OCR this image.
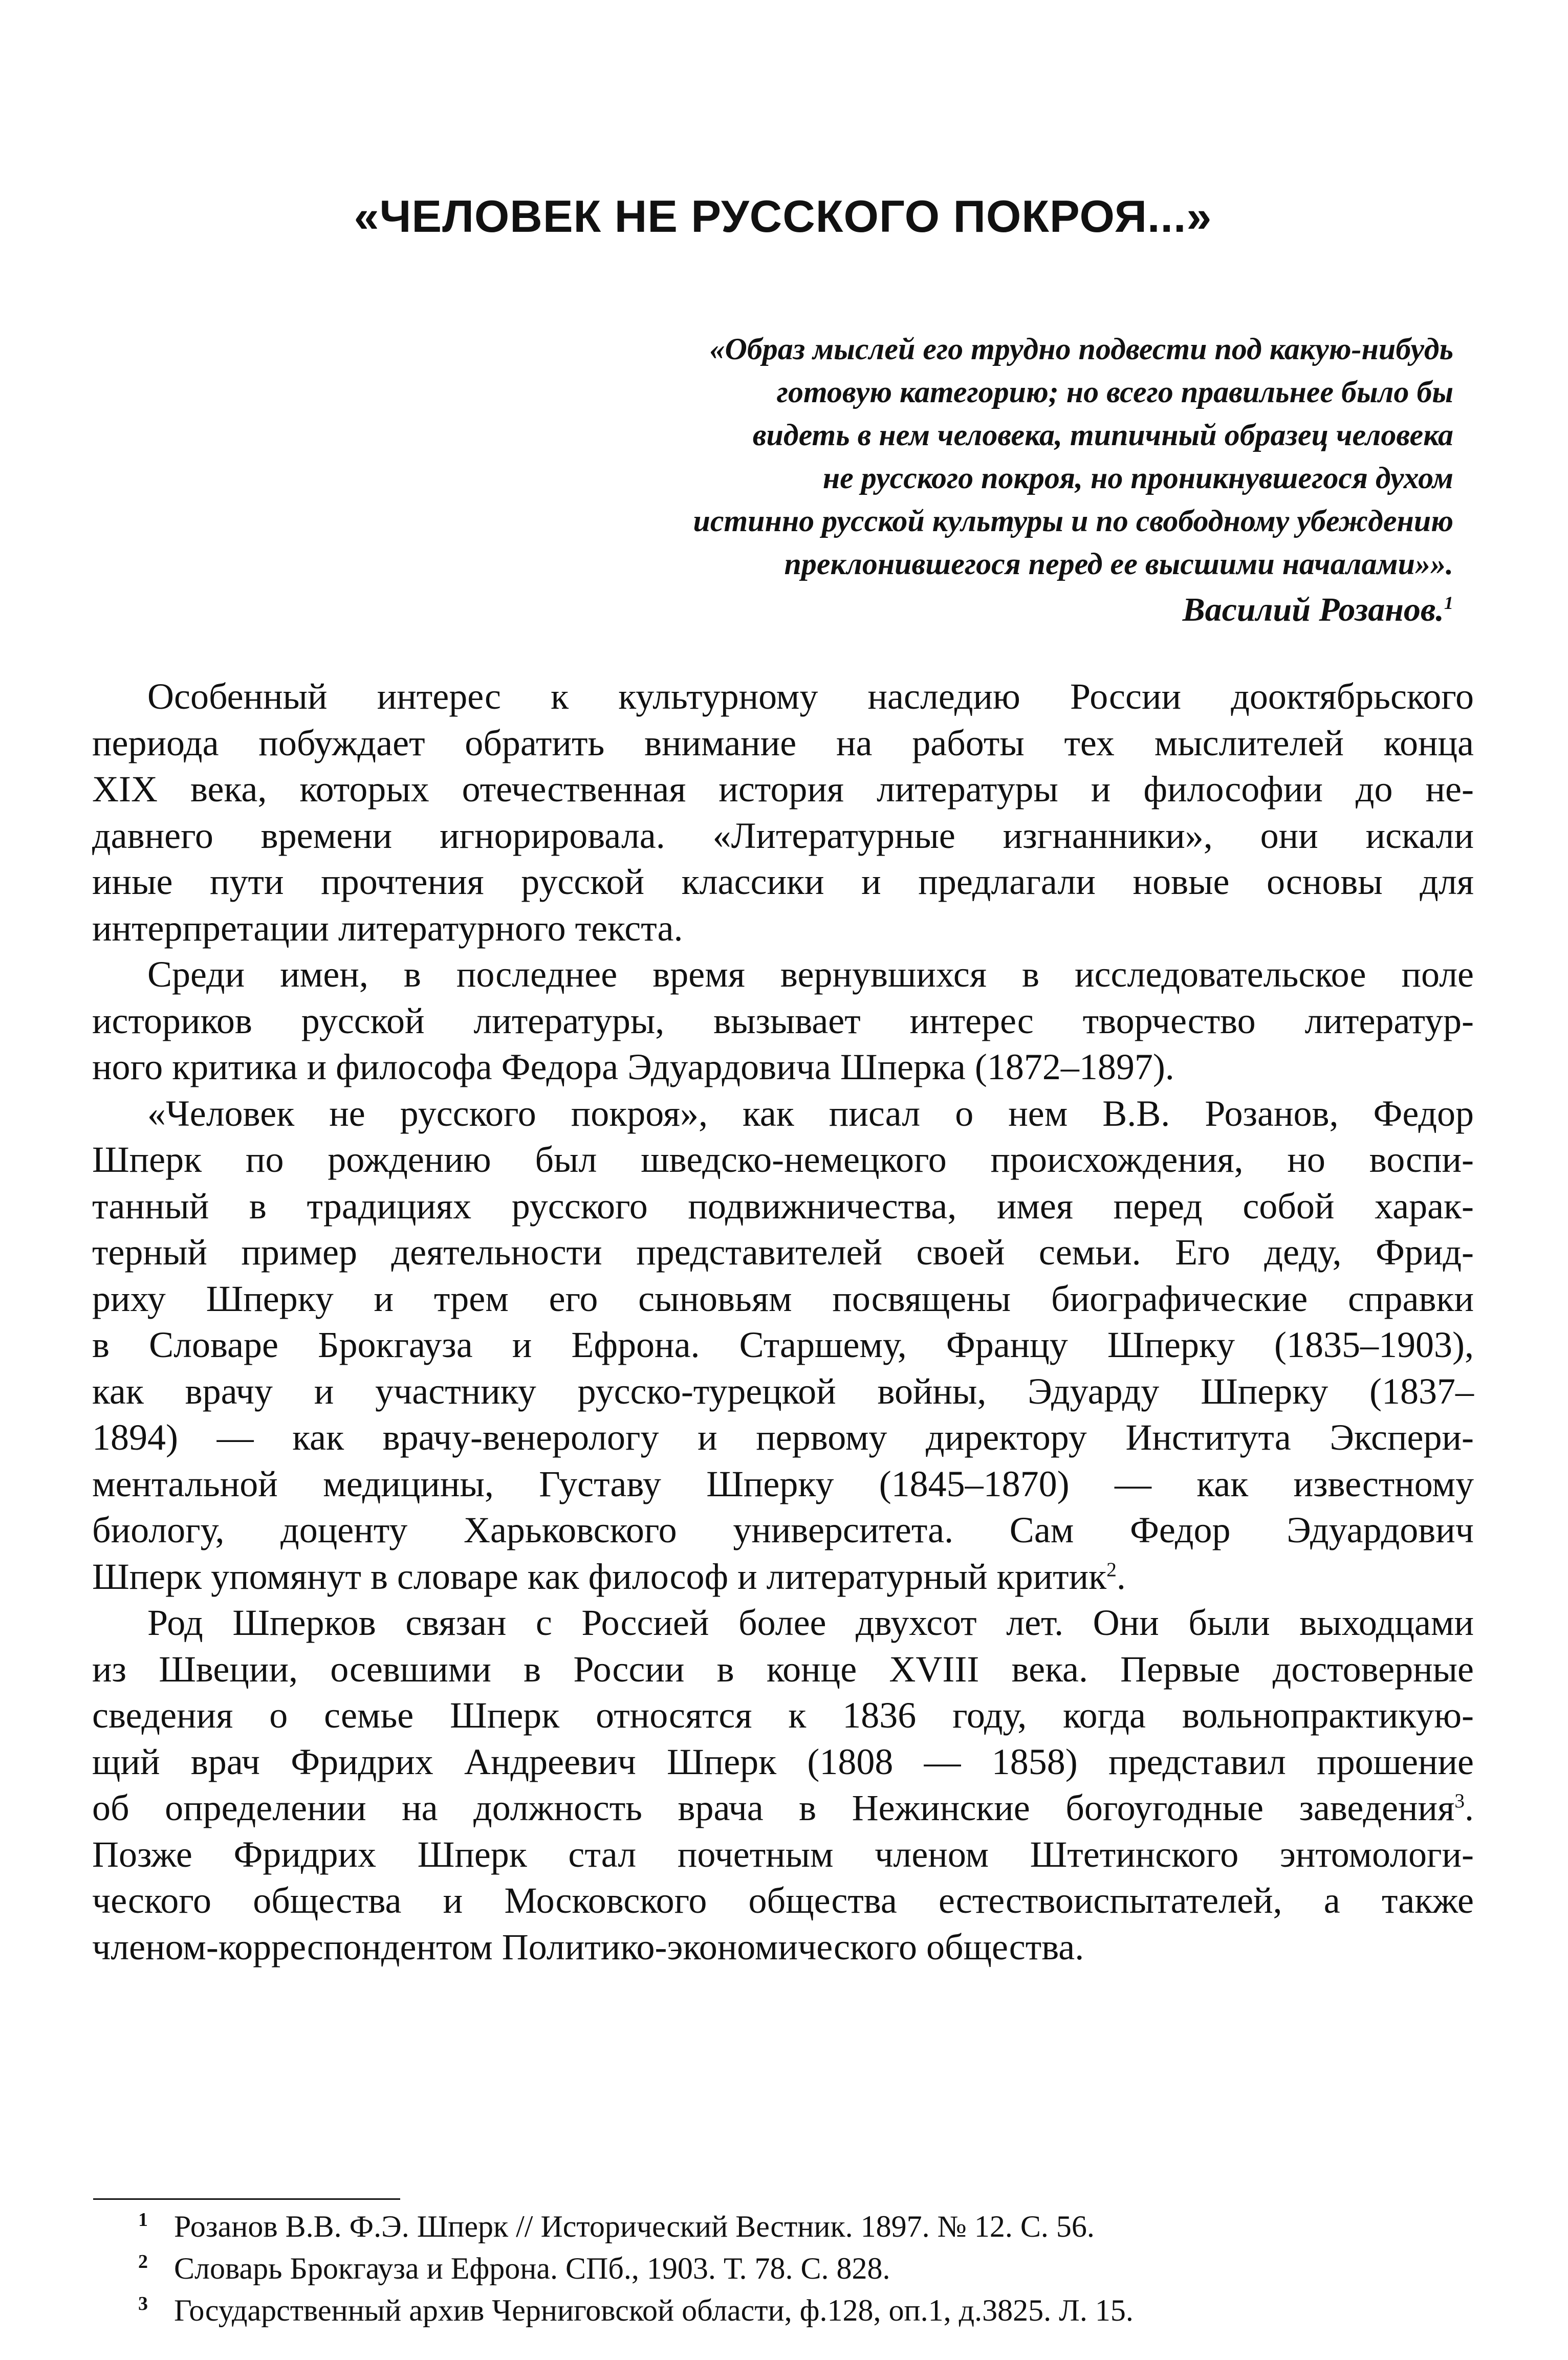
«ЧЕЛОВЕК НЕ РУССКОГО ПОКРОЯ...»
«Образ мыслей его трудно подвести под какую-нибудь
готовую категорию; но всего правильнее было бы
видеть в нем человека, типичный образец человека
не русского покроя, но проникнувшегося духом
истинно русской культуры и по свободному убеждению
преклонившегося перед ее высшими началами»».
Василий Розанов.$^1$

Особенный интерес к культурному наследию России дооктябрьского
периода побуждает обратить внимание на работы тех мыслителей конца
XIX века, которых отечественная история литературы и философии до не-
давнего времени игнорировала. «Литературные изгнанники», они искали
иные пути прочтения русской классики и предлагали новые основы для
интерпретации литературного текста.

Среди имен, в последнее время вернувшихся в исследовательское поле
историков русской литературы, вызывает интерес творчество литератур-
ного критика и философа Федора Эдуардовича Шперка (1872–1897).

«Человек не русского покроя», как писал о нем В.В. Розанов, Федор
Шперк по рождению был шведско-немецкого происхождения, но воспи-
танный в традициях русского подвижничества, имея перед собой харак-
терный пример деятельности представителей своей семьи. Его деду, Фрид-
риху Шперку и трем его сыновьям посвящены биографические справки
в Словаре Брокгауза и Ефрона. Старшему, Францу Шперку (1835–1903),
как врачу и участнику русско-турецкой войны, Эдуарду Шперку (1837–
1894) — как врачу-венерологу и первому директору Института Экспери-
ментальной медицины, Густаву Шперку (1845–1870) — как известному
биологу, доценту Харьковского университета. Сам Федор Эдуардович
Шперк упомянут в словаре как философ и литературный критик$^2$.

Род Шперков связан с Россией более двухсот лет. Они были выходцами
из Швеции, осевшими в России в конце XVIII века. Первые достоверные
сведения о семье Шперк относятся к 1836 году, когда вольнопрактикую-
щий врач Фридрих Андреевич Шперк (1808 — 1858) представил прошение
об определении на должность врача в Нежинские богоугодные заведения$^3$.
Позже Фридрих Шперк стал почетным членом Штетинского энтомологи-
ческого общества и Московского общества естествоиспытателей, а также
членом-корреспондентом Политико-экономического общества.

1 Розанов В.В. Ф.Э. Шперк // Исторический Вестник. 1897. № 12. С. 56.
2 Словарь Брокгауза и Ефрона. СПб., 1903. Т. 78. С. 828.
3 Государственный архив Черниговской области, ф.128, оп.1, д.3825. Л. 15.
